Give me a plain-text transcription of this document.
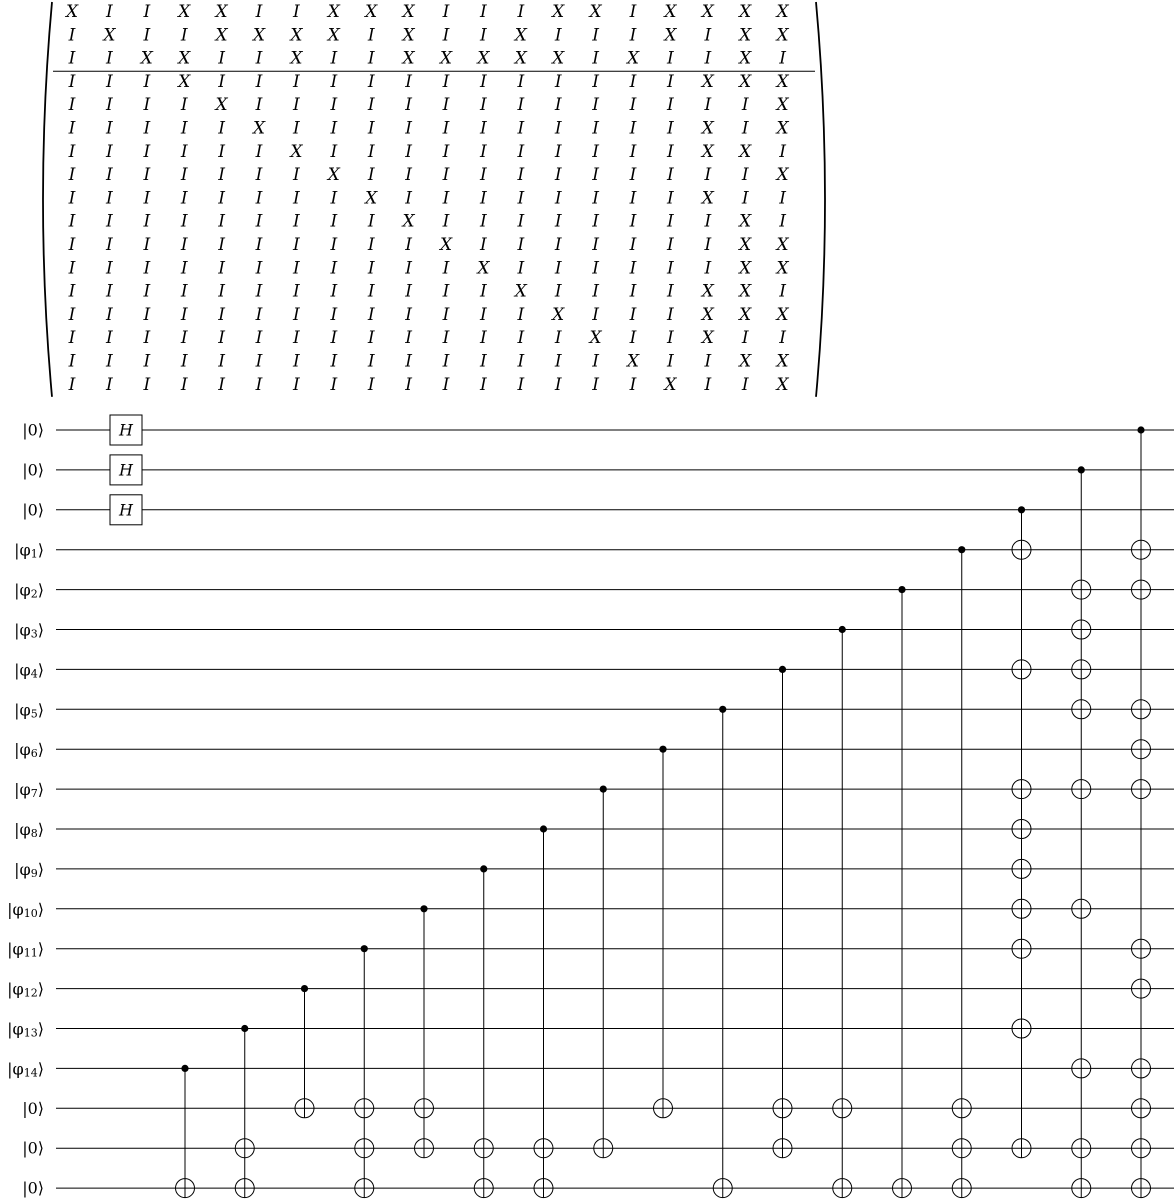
X I I X X I I X X X I I I X X I X X X X
I X I I X X X X I X I I X I I I X I X X
I I X X I I X I I X X X X X I X I I X I
I I I X I I I I I I I I I I I I I X X X
I I I I X I I I I I I I I I I I I I I X
I I I I I X I I I I I I I I I I I X I X
I I I I I I X I I I I I I I I I I X X I
I I I I I I I X I I I I I I I I I I I X
I I I I I I I I X I I I I I I I I X I I
I I I I I I I I I X I I I I I I I I X I
I I I I I I I I I I X I I I I I I I X X
I I I I I I I I I I I X I I I I I I X X
I I I I I I I I I I I I X I I I I X X I
I I I I I I I I I I I I I X I I I X X X
I I I I I I I I I I I I I I X I I X I I
I I I I I I I I I I I I I I I X I I X X
I I I I I I I I I I I I I I I I X I I X
|0⟩
|0⟩
|0⟩
$|\varphi_1⟩$
$|\varphi_2⟩$
$|\varphi_3⟩$
$|\varphi_4⟩$
$|\varphi_5⟩$
$|\varphi_6⟩$
$|\varphi_7⟩$
$|\varphi_8⟩$
$|\varphi_9⟩$
$|\varphi_{10}⟩$
$|\varphi_{11}⟩$
$|\varphi_{12}⟩$
$|\varphi_{13}⟩$
$|\varphi_{14}⟩$
|0⟩
|0⟩
|0⟩
H
H
H
